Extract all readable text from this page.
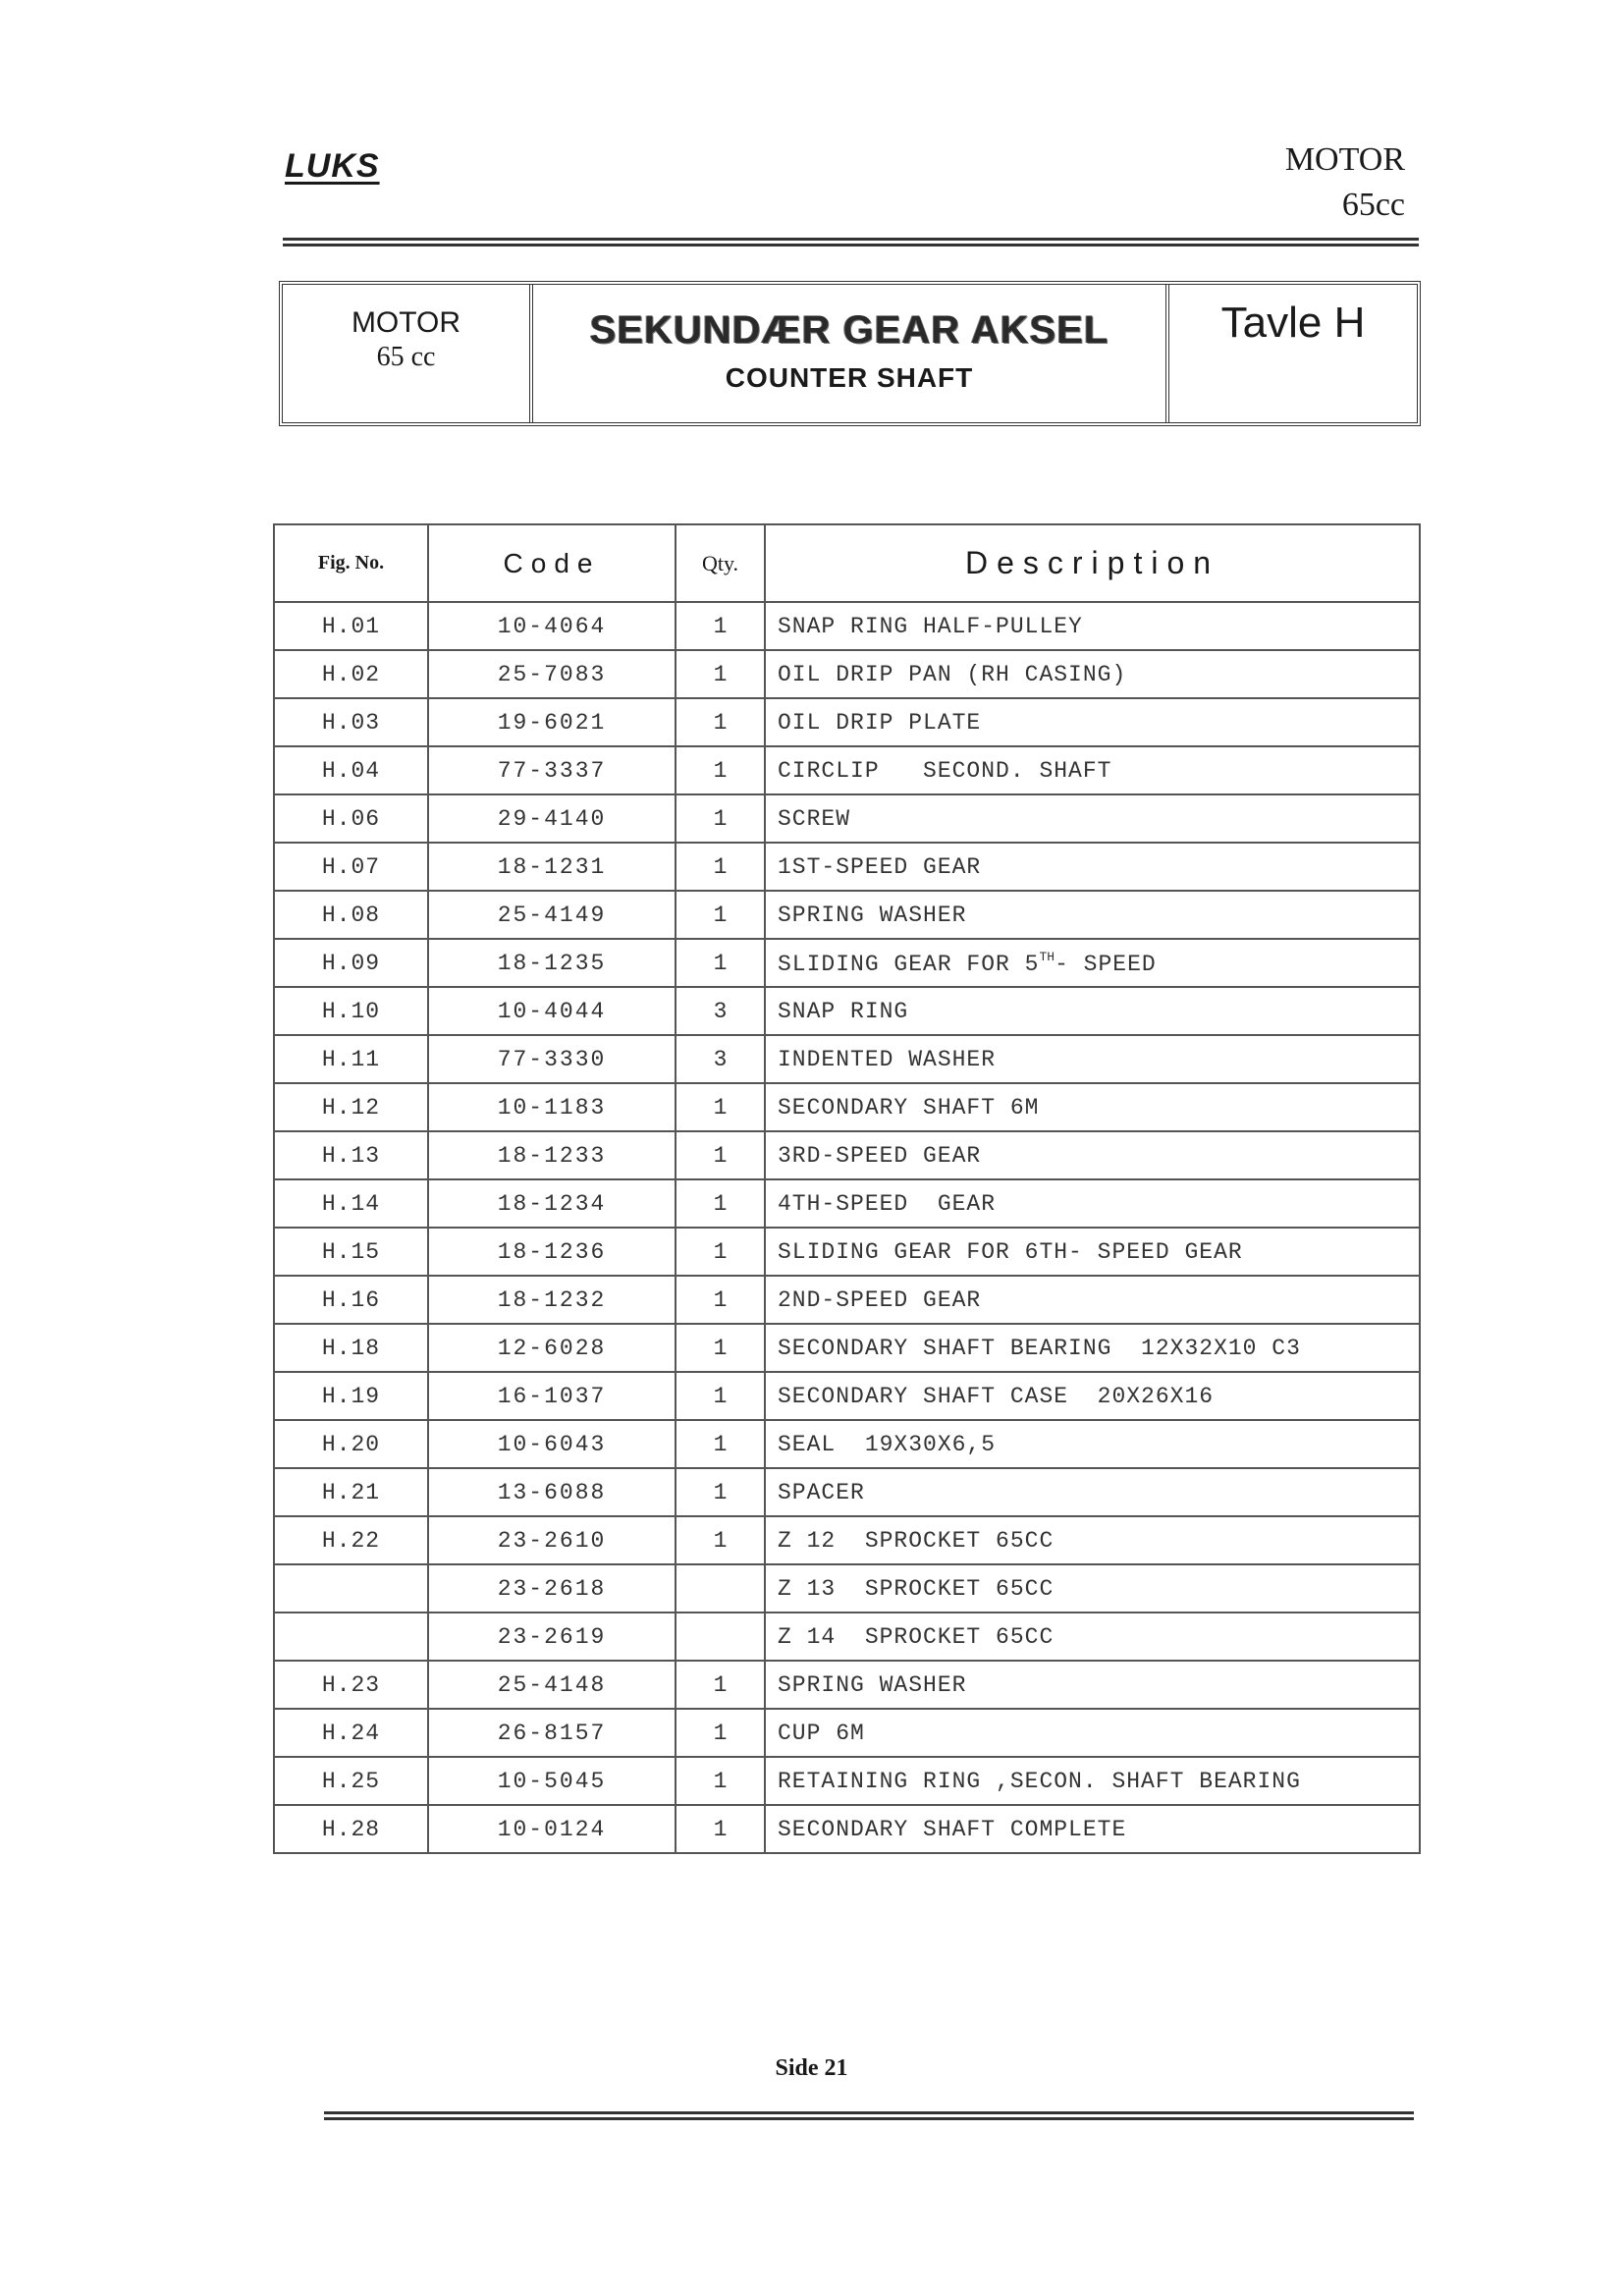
LUKS	MOTOR
65cc
MOTOR
65 cc
SEKUNDÆR GEAR AKSEL
COUNTER SHAFT
Tavle H
Fig. No.	Code	Qty.	Description
H.01	10-4064	1	SNAP RING HALF-PULLEY
H.02	25-7083	1	OIL DRIP PAN (RH CASING)
H.03	19-6021	1	OIL DRIP PLATE
H.04	77-3337	1	CIRCLIP   SECOND. SHAFT
H.06	29-4140	1	SCREW
H.07	18-1231	1	1ST-SPEED GEAR
H.08	25-4149	1	SPRING WASHER
H.09	18-1235	1	SLIDING GEAR FOR 5TH- SPEED
H.10	10-4044	3	SNAP RING
H.11	77-3330	3	INDENTED WASHER
H.12	10-1183	1	SECONDARY SHAFT 6M
H.13	18-1233	1	3RD-SPEED GEAR
H.14	18-1234	1	4TH-SPEED  GEAR
H.15	18-1236	1	SLIDING GEAR FOR 6TH- SPEED GEAR
H.16	18-1232	1	2ND-SPEED GEAR
H.18	12-6028	1	SECONDARY SHAFT BEARING  12X32X10 C3
H.19	16-1037	1	SECONDARY SHAFT CASE  20X26X16
H.20	10-6043	1	SEAL  19X30X6,5
H.21	13-6088	1	SPACER
H.22	23-2610	1	Z 12  SPROCKET 65CC
	23-2618		Z 13  SPROCKET 65CC
	23-2619		Z 14  SPROCKET 65CC
H.23	25-4148	1	SPRING WASHER
H.24	26-8157	1	CUP 6M
H.25	10-5045	1	RETAINING RING ,SECON. SHAFT BEARING
H.28	10-0124	1	SECONDARY SHAFT COMPLETE
Side 21
